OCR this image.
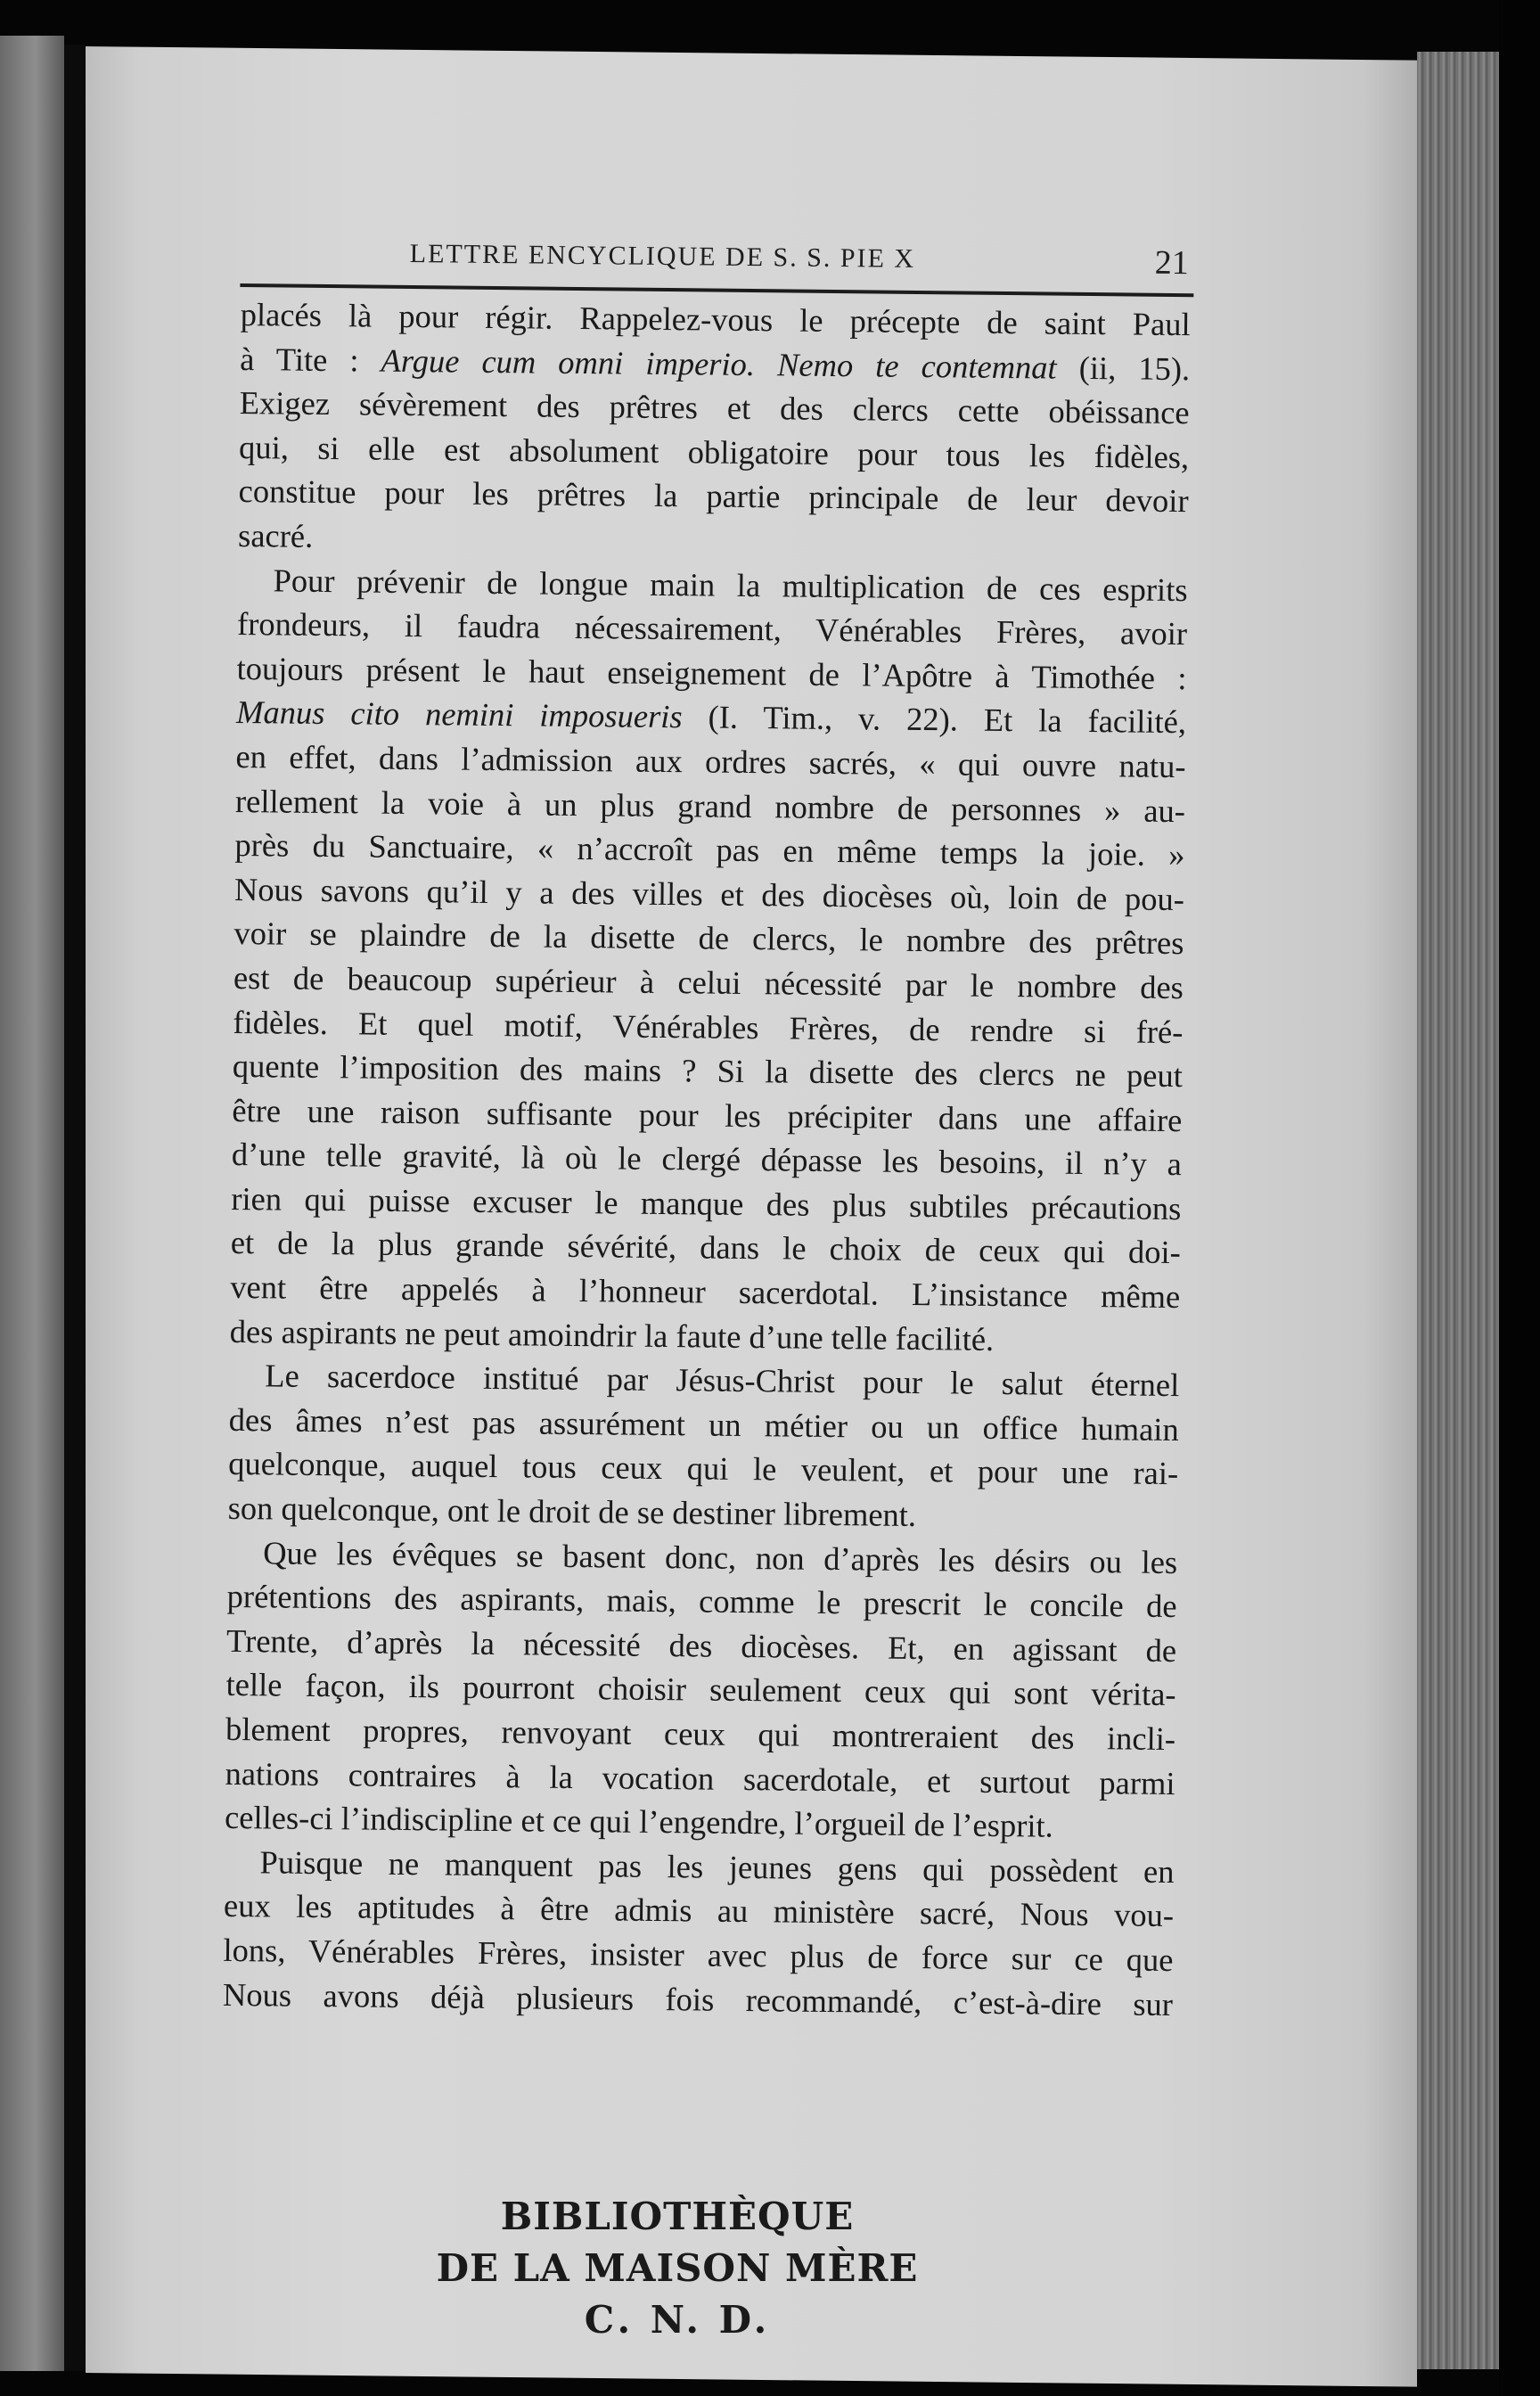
LETTRE ENCYCLIQUE DE S. S. PIE X	21
placés là pour régir. Rappelez-vous le précepte de saint Paul
à Tite : Argue cum omni imperio. Nemo te contemnat (ii, 15).
Exigez sévèrement des prêtres et des clercs cette obéissance
qui, si elle est absolument obligatoire pour tous les fidèles,
constitue pour les prêtres la partie principale de leur devoir
sacré.
Pour prévenir de longue main la multiplication de ces esprits
frondeurs, il faudra nécessairement, Vénérables Frères, avoir
toujours présent le haut enseignement de l’Apôtre à Timothée :
Manus cito nemini imposueris (I. Tim., v. 22). Et la facilité,
en effet, dans l’admission aux ordres sacrés, « qui ouvre natu-
rellement la voie à un plus grand nombre de personnes » au-
près du Sanctuaire, « n’accroît pas en même temps la joie. »
Nous savons qu’il y a des villes et des diocèses où, loin de pou-
voir se plaindre de la disette de clercs, le nombre des prêtres
est de beaucoup supérieur à celui nécessité par le nombre des
fidèles. Et quel motif, Vénérables Frères, de rendre si fré-
quente l’imposition des mains ? Si la disette des clercs ne peut
être une raison suffisante pour les précipiter dans une affaire
d’une telle gravité, là où le clergé dépasse les besoins, il n’y a
rien qui puisse excuser le manque des plus subtiles précautions
et de la plus grande sévérité, dans le choix de ceux qui doi-
vent être appelés à l’honneur sacerdotal. L’insistance même
des aspirants ne peut amoindrir la faute d’une telle facilité.
Le sacerdoce institué par Jésus-Christ pour le salut éternel
des âmes n’est pas assurément un métier ou un office humain
quelconque, auquel tous ceux qui le veulent, et pour une rai-
son quelconque, ont le droit de se destiner librement.
Que les évêques se basent donc, non d’après les désirs ou les
prétentions des aspirants, mais, comme le prescrit le concile de
Trente, d’après la nécessité des diocèses. Et, en agissant de
telle façon, ils pourront choisir seulement ceux qui sont vérita-
blement propres, renvoyant ceux qui montreraient des incli-
nations contraires à la vocation sacerdotale, et surtout parmi
celles-ci l’indiscipline et ce qui l’engendre, l’orgueil de l’esprit.
Puisque ne manquent pas les jeunes gens qui possèdent en
eux les aptitudes à être admis au ministère sacré, Nous vou-
lons, Vénérables Frères, insister avec plus de force sur ce que
Nous avons déjà plusieurs fois recommandé, c’est-à-dire sur
BIBLIOTHÈQUE
DE LA MAISON MÈRE
C. N. D.
